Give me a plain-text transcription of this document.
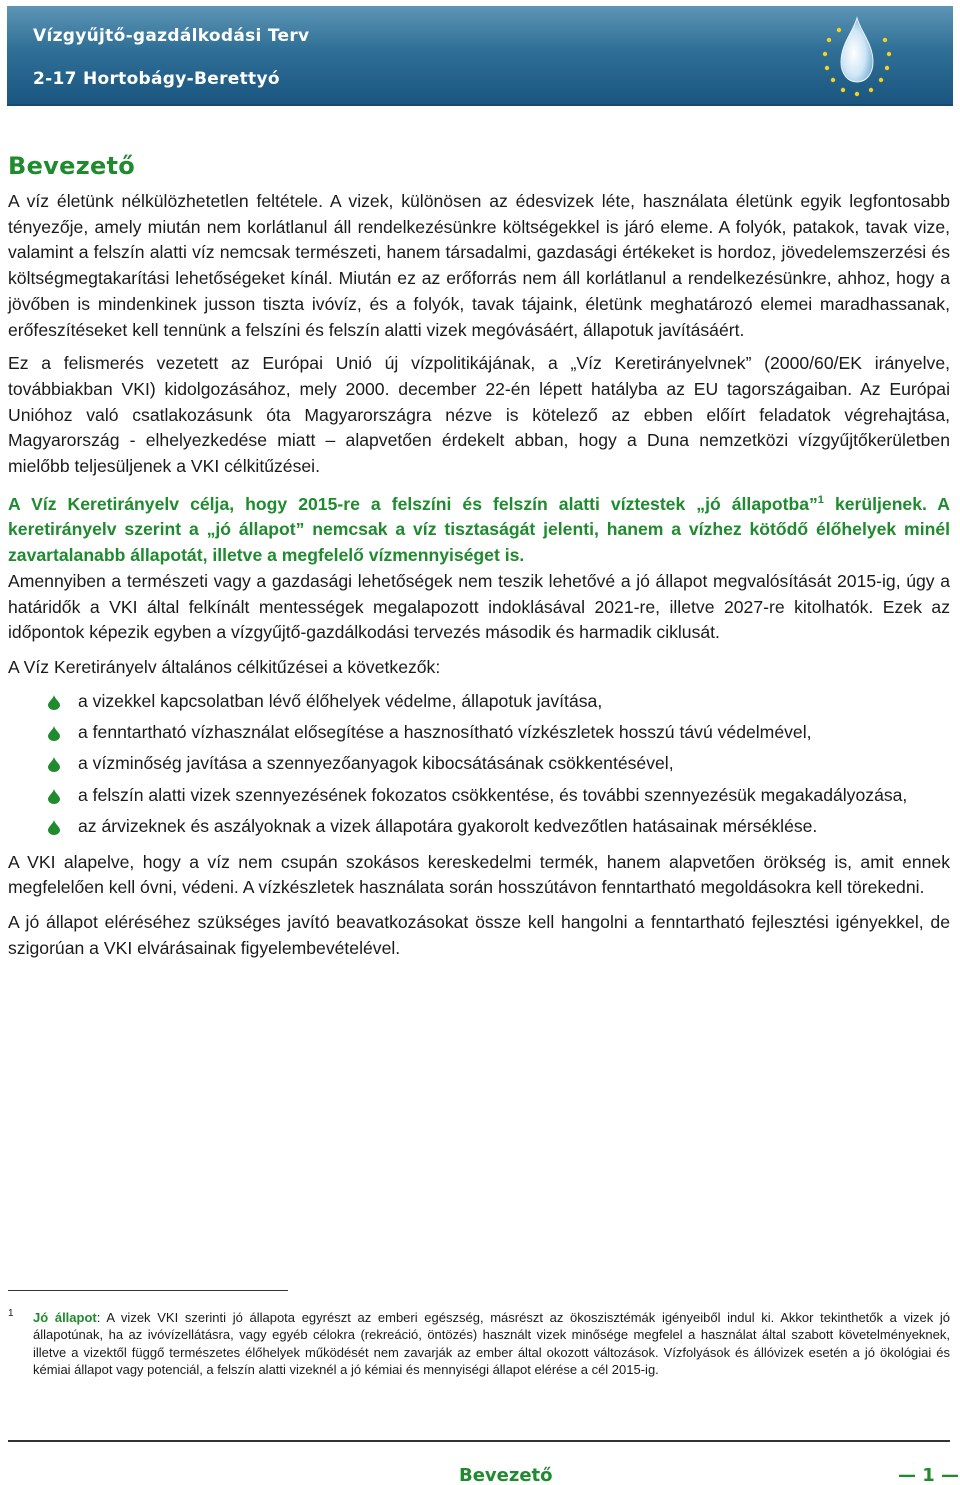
Vízgyűjtő-gazdálkodási Terv
2-17 Hortobágy-Berettyó
Bevezető

A víz életünk nélkülözhetetlen feltétele. A vizek, különösen az édesvizek léte, használata életünk egyik legfontosabb tényezője, amely miután nem korlátlanul áll rendelkezésünkre költségekkel is járó eleme. A folyók, patakok, tavak vize, valamint a felszín alatti víz nemcsak természeti, hanem társadalmi, gazdasági értékeket is hordoz, jövedelemszerzési és költségmegtakarítási lehetőségeket kínál. Miután ez az erőforrás nem áll korlátlanul a rendelkezésünkre, ahhoz, hogy a jövőben is mindenkinek jusson tiszta ivóvíz, és a folyók, tavak tájaink, életünk meghatározó elemei maradhassanak, erőfeszítéseket kell tennünk a felszíni és felszín alatti vizek megóvásáért, állapotuk javításáért.

Ez a felismerés vezetett az Európai Unió új vízpolitikájának, a „Víz Keretirányelvnek” (2000/60/EK irányelve, továbbiakban VKI) kidolgozásához, mely 2000. december 22-én lépett hatályba az EU tagországaiban. Az Európai Unióhoz való csatlakozásunk óta Magyarországra nézve is kötelező az ebben előírt feladatok végrehajtása, Magyarország - elhelyezkedése miatt – alapvetően érdekelt abban, hogy a Duna nemzetközi vízgyűjtőkerületben mielőbb teljesüljenek a VKI célkitűzései.

A Víz Keretirányelv célja, hogy 2015-re a felszíni és felszín alatti víztestek „jó állapotba”$^1$ kerüljenek. A keretirányelv szerint a „jó állapot” nemcsak a víz tisztaságát jelenti, hanem a vízhez kötődő élőhelyek minél zavartalanabb állapotát, illetve a megfelelő vízmennyiséget is.

Amennyiben a természeti vagy a gazdasági lehetőségek nem teszik lehetővé a jó állapot megvalósítását 2015-ig, úgy a határidők a VKI által felkínált mentességek megalapozott indoklásával 2021-re, illetve 2027-re kitolhatók. Ezek az időpontok képezik egyben a vízgyűjtő-gazdálkodási tervezés második és harmadik ciklusát.

A Víz Keretirányelv általános célkitűzései a következők:

a vizekkel kapcsolatban lévő élőhelyek védelme, állapotuk javítása,
a fenntartható vízhasználat elősegítése a hasznosítható vízkészletek hosszú távú védelmével,
a vízminőség javítása a szennyezőanyagok kibocsátásának csökkentésével,
a felszín alatti vizek szennyezésének fokozatos csökkentése, és további szennyezésük megakadályozása,
az árvizeknek és aszályoknak a vizek állapotára gyakorolt kedvezőtlen hatásainak mérséklése.

A VKI alapelve, hogy a víz nem csupán szokásos kereskedelmi termék, hanem alapvetően örökség is, amit ennek megfelelően kell óvni, védeni. A vízkészletek használata során hosszútávon fenntartható megoldásokra kell törekedni.

A jó állapot eléréséhez szükséges javító beavatkozásokat össze kell hangolni a fenntartható fejlesztési igényekkel, de szigorúan a VKI elvárásainak figyelembevételével.

1	Jó állapot: A vizek VKI szerinti jó állapota egyrészt az emberi egészség, másrészt az ökoszisztémák igényeiből indul ki. Akkor tekinthetők a vizek jó állapotúnak, ha az ivóvízellátásra, vagy egyéb célokra (rekreáció, öntözés) használt vizek minősége megfelel a használat által szabott követelményeknek, illetve a vizektől függő természetes élőhelyek működését nem zavarják az ember által okozott változások. Vízfolyások és állóvizek esetén a jó ökológiai és kémiai állapot vagy potenciál, a felszín alatti vizeknél a jó kémiai és mennyiségi állapot elérése a cél 2015-ig.
Bevezető	— 1 —
